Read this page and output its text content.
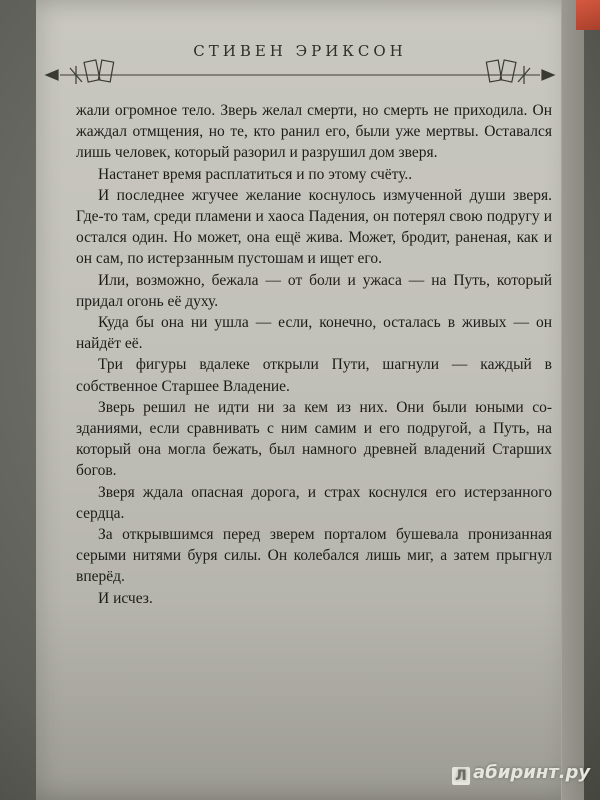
СТИВЕН ЭРИКСОН

жали огромное тело. Зверь желал смерти, но смерть не приходила. Он жаждал отмщения, но те, кто ранил его, были уже мертвы. Оставался лишь человек, который разорил и разрушил дом зверя.

Настанет время расплатиться и по этому счёту..

И последнее жгучее желание коснулось измученной души зверя. Где-то там, среди пламени и хаоса Падения, он потерял свою подругу и остался один. Но может, она ещё жива. Может, бродит, раненая, как и он сам, по истерзанным пустошам и ищет его.

Или, возможно, бежала — от боли и ужаса — на Путь, который придал огонь её духу.

Куда бы она ни ушла — если, конечно, осталась в живых — он найдёт её.

Три фигуры вдалеке открыли Пути, шагнули — каждый в собственное Старшее Владение.

Зверь решил не идти ни за кем из них. Они были юными созданиями, если сравнивать с ним самим и его подругой, а Путь, на который она могла бежать, был намного древней владений Старших богов.

Зверя ждала опасная дорога, и страх коснулся его истерзанного сердца.

За открывшимся перед зверем порталом бушевала пронизанная серыми нитями буря силы. Он колебался лишь миг, а затем прыгнул вперёд.

И исчез.

Л абиринт.ру
